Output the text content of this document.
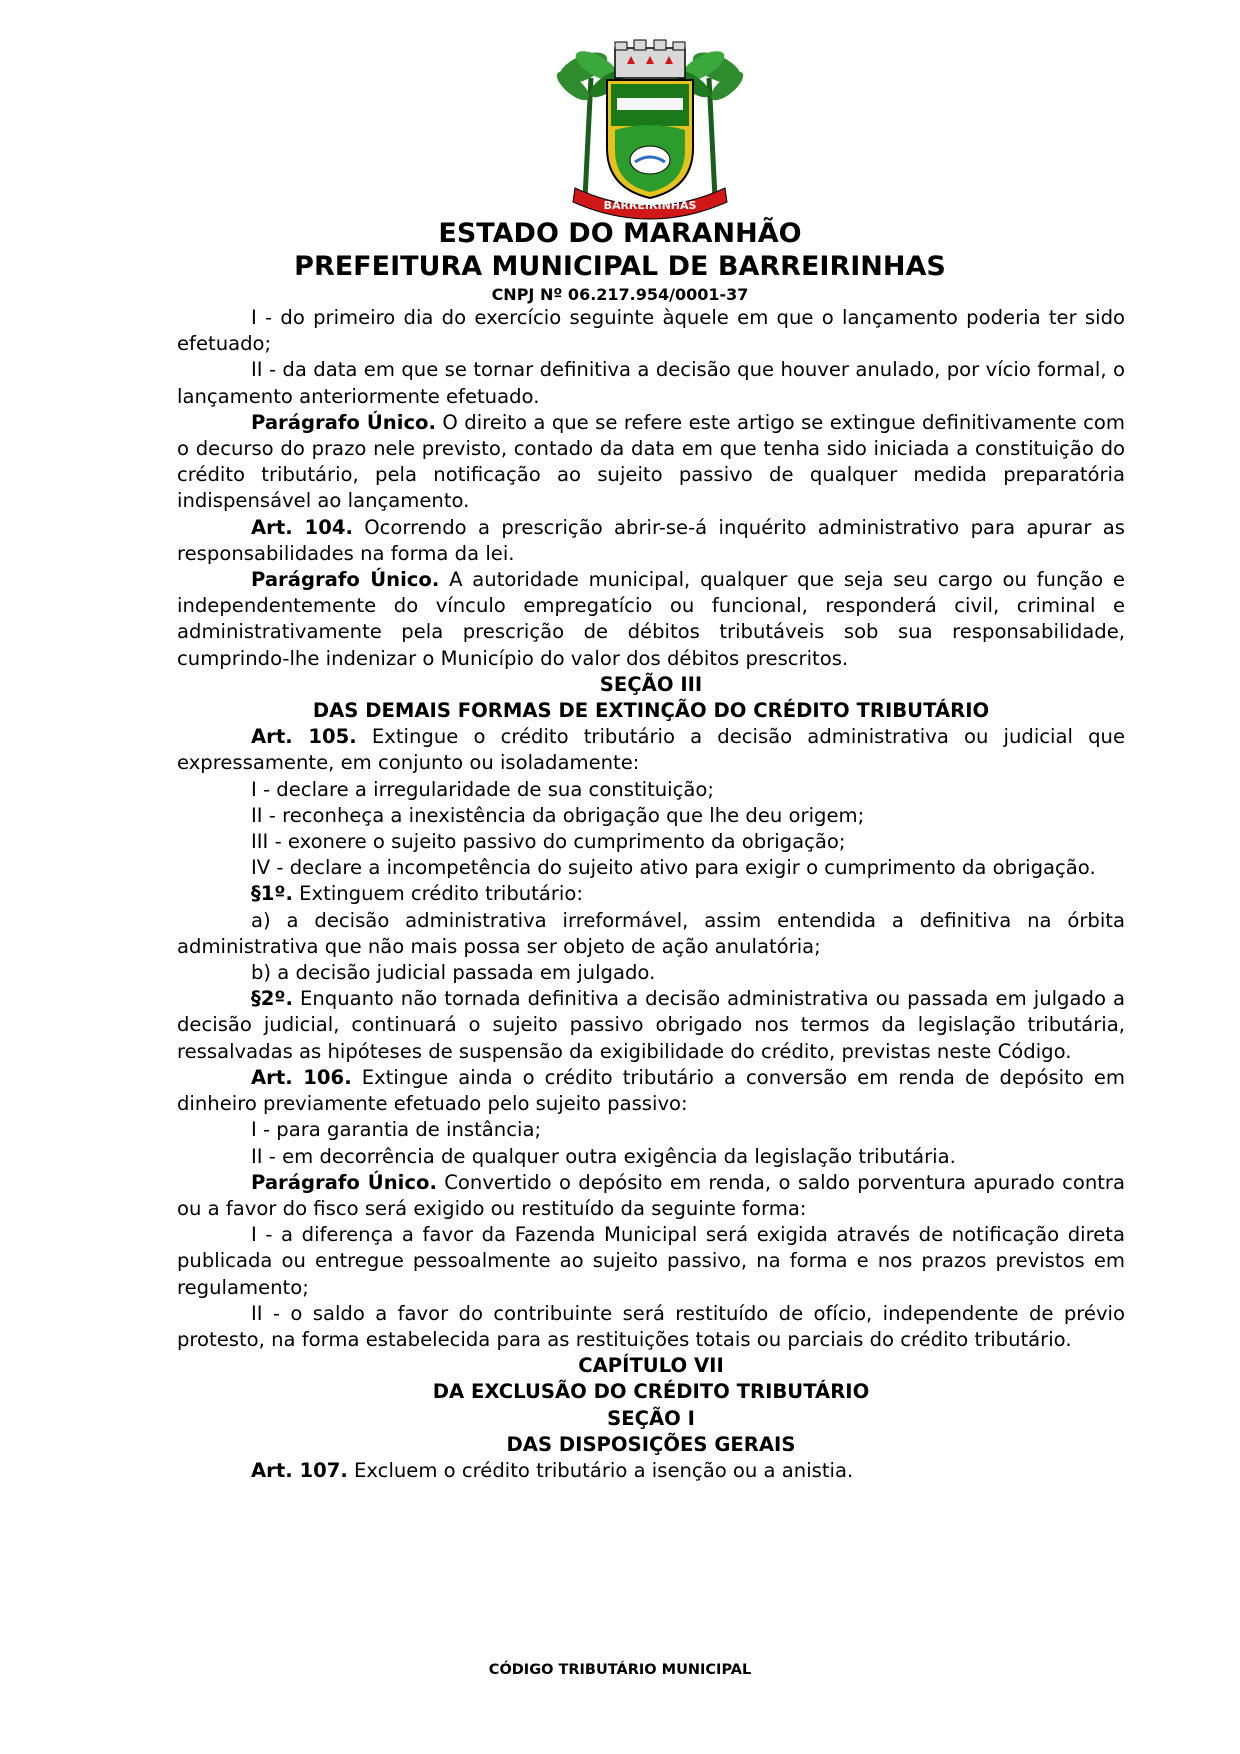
BARREIRINHAS
ESTADO DO MARANHÃO
PREFEITURA MUNICIPAL DE BARREIRINHAS
CNPJ Nº 06.217.954/0001-37

I - do primeiro dia do exercício seguinte àquele em que o lançamento poderia ter sido efetuado;

II - da data em que se tornar definitiva a decisão que houver anulado, por vício formal, o lançamento anteriormente efetuado.

Parágrafo Único. O direito a que se refere este artigo se extingue definitivamente com o decurso do prazo nele previsto, contado da data em que tenha sido iniciada a constituição do crédito tributário, pela notificação ao sujeito passivo de qualquer medida preparatória indispensável ao lançamento.

Art. 104. Ocorrendo a prescrição abrir-se-á inquérito administrativo para apurar as responsabilidades na forma da lei.

Parágrafo Único. A autoridade municipal, qualquer que seja seu cargo ou função e independentemente do vínculo empregatício ou funcional, responderá civil, criminal e administrativamente pela prescrição de débitos tributáveis sob sua responsabilidade, cumprindo-lhe indenizar o Município do valor dos débitos prescritos.

SEÇÃO III

DAS DEMAIS FORMAS DE EXTINÇÃO DO CRÉDITO TRIBUTÁRIO

Art. 105. Extingue o crédito tributário a decisão administrativa ou judicial que expressamente, em conjunto ou isoladamente:

I - declare a irregularidade de sua constituição;

II - reconheça a inexistência da obrigação que lhe deu origem;

III - exonere o sujeito passivo do cumprimento da obrigação;

IV - declare a incompetência do sujeito ativo para exigir o cumprimento da obrigação.

§1º. Extinguem crédito tributário:

a) a decisão administrativa irreformável, assim entendida a definitiva na órbita administrativa que não mais possa ser objeto de ação anulatória;

b) a decisão judicial passada em julgado.

§2º. Enquanto não tornada definitiva a decisão administrativa ou passada em julgado a decisão judicial, continuará o sujeito passivo obrigado nos termos da legislação tributária, ressalvadas as hipóteses de suspensão da exigibilidade do crédito, previstas neste Código.

Art. 106. Extingue ainda o crédito tributário a conversão em renda de depósito em dinheiro previamente efetuado pelo sujeito passivo:

I - para garantia de instância;

II - em decorrência de qualquer outra exigência da legislação tributária.

Parágrafo Único. Convertido o depósito em renda, o saldo porventura apurado contra ou a favor do fisco será exigido ou restituído da seguinte forma:

I - a diferença a favor da Fazenda Municipal será exigida através de notificação direta publicada ou entregue pessoalmente ao sujeito passivo, na forma e nos prazos previstos em regulamento;

II - o saldo a favor do contribuinte será restituído de ofício, independente de prévio protesto, na forma estabelecida para as restituições totais ou parciais do crédito tributário.

CAPÍTULO VII

DA EXCLUSÃO DO CRÉDITO TRIBUTÁRIO

SEÇÃO I

DAS DISPOSIÇÕES GERAIS

Art. 107. Excluem o crédito tributário a isenção ou a anistia.

CÓDIGO TRIBUTÁRIO MUNICIPAL
